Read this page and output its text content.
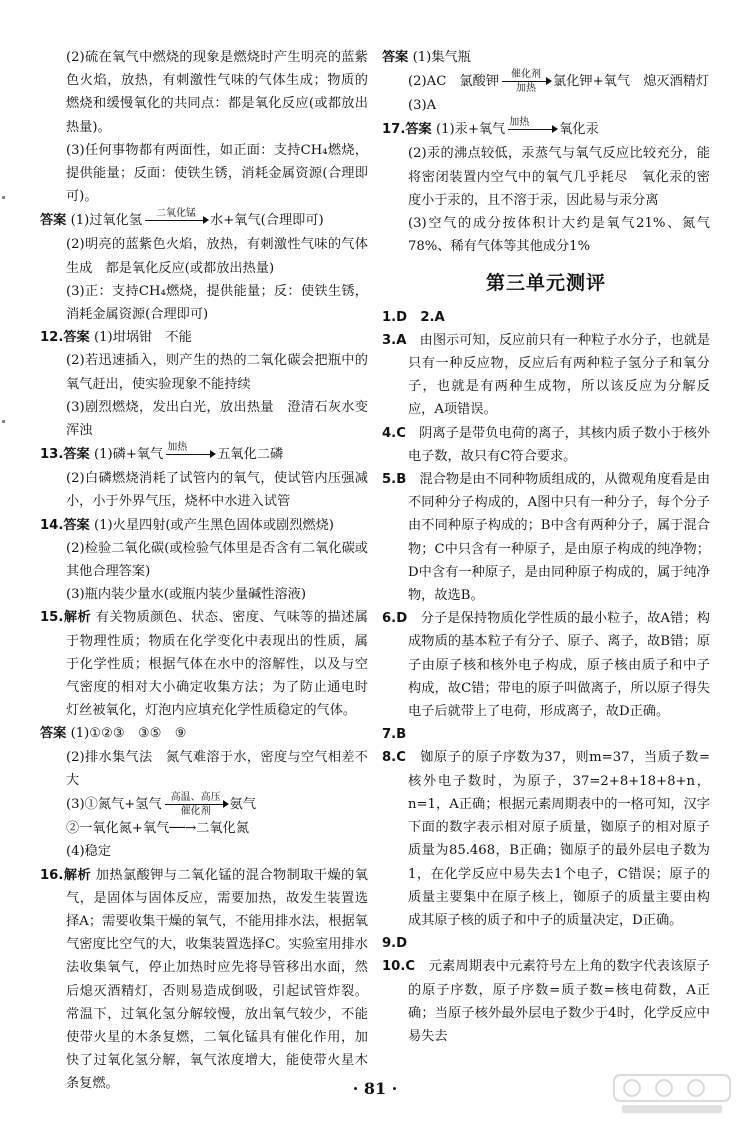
(2)硫在氧气中燃烧的现象是燃烧时产生明亮的蓝紫色火焰，放热，有刺激性气味的气体生成；物质的燃烧和缓慢氧化的共同点：都是氧化反应(或都放出热量)。

(3)任何事物都有两面性，如正面：支持CH₄燃烧，提供能量；反面：使铁生锈，消耗金属资源(合理即可)。

答案 (1)过氧化氢	二氧化锰
	水+氧气(合理即可)

(2)明亮的蓝紫色火焰，放热，有刺激性气味的气体生成　都是氧化反应(或都放出热量)

(3)正：支持CH₄燃烧，提供能量；反：使铁生锈，消耗金属资源(合理即可)

12.答案 (1)坩埚钳　不能

(2)若迅速插入，则产生的热的二氧化碳会把瓶中的氧气赶出，使实验现象不能持续

(3)剧烈燃烧，发出白光，放出热量　澄清石灰水变浑浊

13.答案 (1)磷+氧气 加热
	五氧化二磷

(2)白磷燃烧消耗了试管内的氧气，使试管内压强减小，小于外界气压，烧杯中水进入试管

14.答案 (1)火星四射(或产生黑色固体或剧烈燃烧)

(2)检验二氧化碳(或检验气体里是否含有二氧化碳或其他合理答案)

(3)瓶内装少量水(或瓶内装少量碱性溶液)

15.解析 有关物质颜色、状态、密度、气味等的描述属于物理性质；物质在化学变化中表现出的性质，属于化学性质；根据气体在水中的溶解性，以及与空气密度的相对大小确定收集方法；为了防止通电时灯丝被氧化，灯泡内应填充化学性质稳定的气体。

答案 (1)①②③　③⑤　⑨

(2)排水集气法　氮气难溶于水，密度与空气相差不大

(3)①氮气+氢气 高温、高压
催化剂	氨气

②一氧化氮+氧气──→二氧化氮

(4)稳定

16.解析 加热氯酸钾与二氧化锰的混合物制取干燥的氧气，是固体与固体反应，需要加热，故发生装置选择A；需要收集干燥的氧气，不能用排水法，根据氧气密度比空气的大，收集装置选择C。实验室用排水法收集氧气，停止加热时应先将导管移出水面，然后熄灭酒精灯，否则易造成倒吸，引起试管炸裂。常温下，过氧化氢分解较慢，放出氧气较少，不能使带火星的木条复燃，二氧化锰具有催化作用，加快了过氧化氢分解，氧气浓度增大，能使带火星木条复燃。

答案 (1)集气瓶

(2)AC　氯酸钾	催化剂
加热	氯化钾+氧气　熄灭酒精灯

(3)A

17.答案 (1)汞+氧气 加热
	氧化汞

(2)汞的沸点较低，汞蒸气与氧气反应比较充分，能将密闭装置内空气中的氧气几乎耗尽　氧化汞的密度小于汞的，且不溶于汞，因此易与汞分离

(3)空气的成分按体积计大约是氧气21%、氮气78%、稀有气体等其他成分1%

第三单元测评

1.D　2.A

3.A　 由图示可知，反应前只有一种粒子水分子，也就是只有一种反应物，反应后有两种粒子氢分子和氧分子，也就是有两种生成物，所以该反应为分解反应，A项错误。

4.C　 阴离子是带负电荷的离子，其核内质子数小于核外电子数，故只有C符合要求。

5.B　 混合物是由不同种物质组成的，从微观角度看是由不同种分子构成的，A图中只有一种分子，每个分子由不同种原子构成的；B中含有两种分子，属于混合物；C中只含有一种原子，是由原子构成的纯净物；D中含有一种原子，是由同种原子构成的，属于纯净物，故选B。

6.D　 分子是保持物质化学性质的最小粒子，故A错；构成物质的基本粒子有分子、原子、离子，故B错；原子由原子核和核外电子构成，原子核由质子和中子构成，故C错；带电的原子叫做离子，所以原子得失电子后就带上了电荷，形成离子，故D正确。

7.B

8.C　 铷原子的原子序数为37，则m=37，当质子数=核外电子数时，为原子，37=2+8+18+8+n，n=1，A正确；根据元素周期表中的一格可知，汉字下面的数字表示相对原子质量，铷原子的相对原子质量为85.468，B正确；铷原子的最外层电子数为1，在化学反应中易失去1个电子，C错误；原子的质量主要集中在原子核上，铷原子的质量主要由构成其原子核的质子和中子的质量决定，D正确。

9.D

10.C　 元素周期表中元素符号左上角的数字代表该原子的原子序数，原子序数=质子数=核电荷数，A正确；当原子核外最外层电子数少于4时，化学反应中易失去

· 81 ·
